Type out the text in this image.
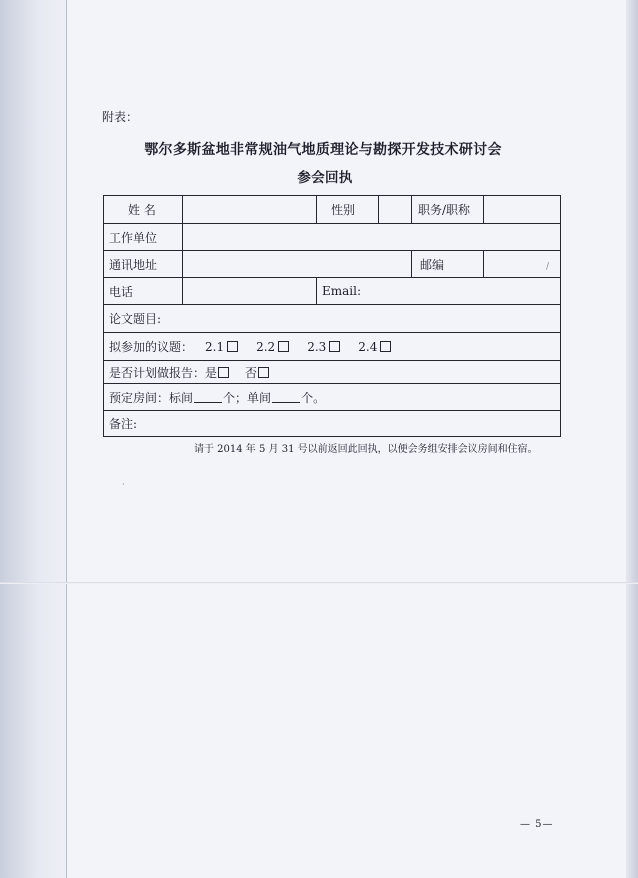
附表：
鄂尔多斯盆地非常规油气地质理论与勘探开发技术研讨会
参会回执
姓 名	性别	职务/职称
工作单位
通讯地址	邮编
电话	Email:
论文题目:
拟参加的议题： 2.1	2.2	2.3	2.4
是否计划做报告： 是	否
预定房间： 标间	个； 单间	个。
备注:
请于 2014 年 5 月 31 号以前返回此回执，以便会务组安排会议房间和住宿。
— 5—
/
·
